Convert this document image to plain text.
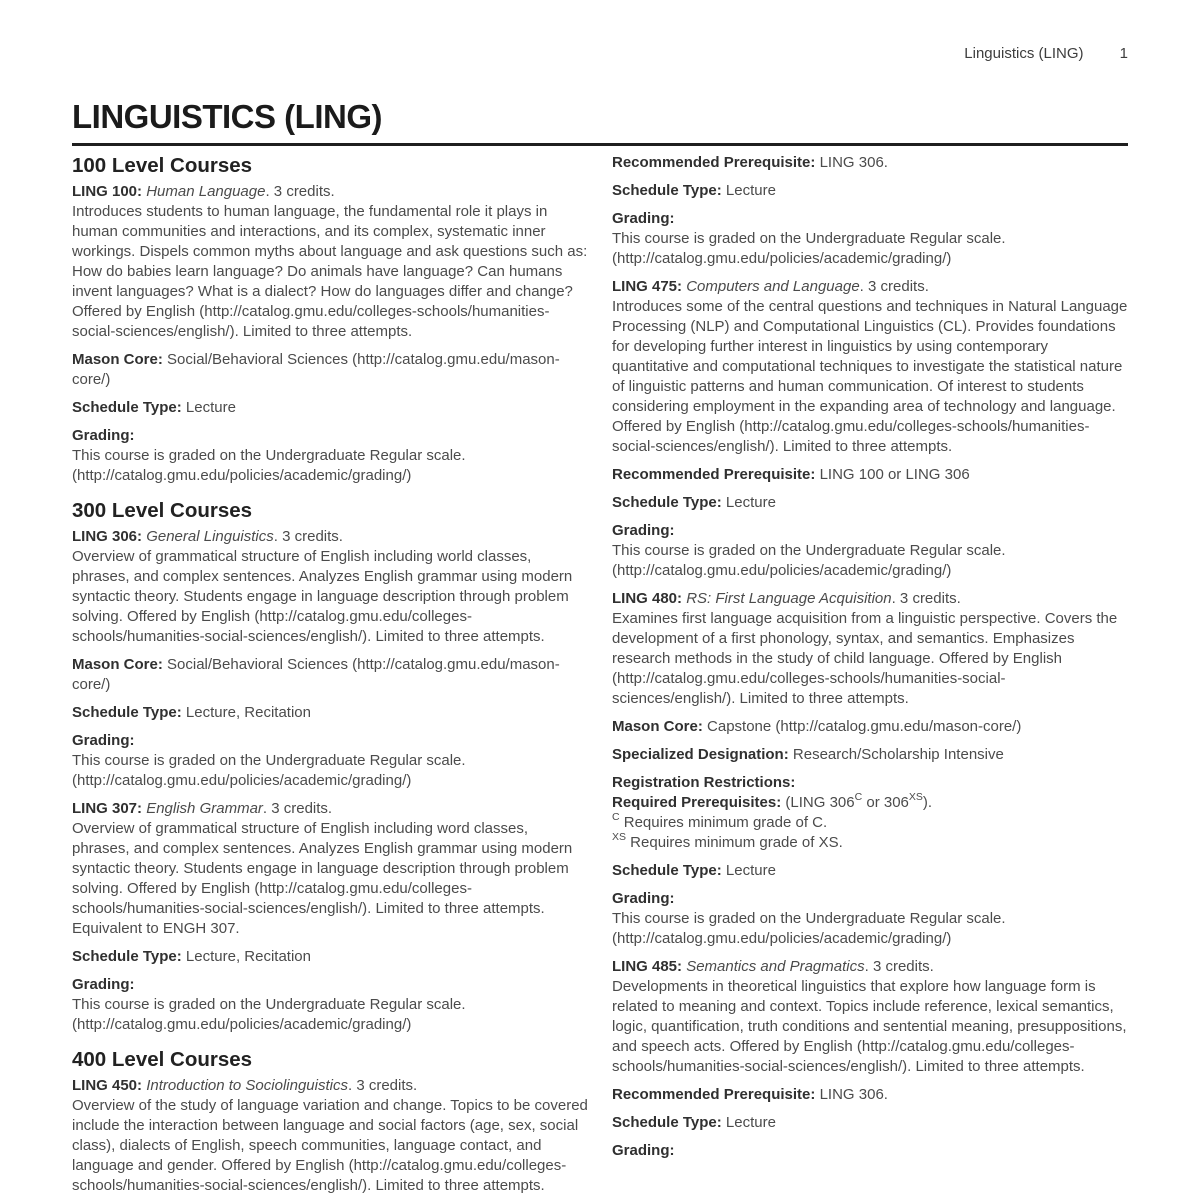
Linguistics (LING) 1
LINGUISTICS (LING)
100 Level Courses
LING 100: Human Language. 3 credits.
Introduces students to human language, the fundamental role it plays in human communities and interactions, and its complex, systematic inner workings. Dispels common myths about language and ask questions such as: How do babies learn language? Do animals have language? Can humans invent languages? What is a dialect? How do languages differ and change? Offered by English (http://catalog.gmu.edu/colleges-schools/humanities-social-sciences/english/). Limited to three attempts.

Mason Core: Social/Behavioral Sciences (http://catalog.gmu.edu/mason-core/)

Schedule Type: Lecture

Grading:
This course is graded on the Undergraduate Regular scale. (http://catalog.gmu.edu/policies/academic/grading/)
300 Level Courses
LING 306: General Linguistics. 3 credits.
Overview of grammatical structure of English including world classes, phrases, and complex sentences. Analyzes English grammar using modern syntactic theory. Students engage in language description through problem solving. Offered by English (http://catalog.gmu.edu/colleges-schools/humanities-social-sciences/english/). Limited to three attempts.

Mason Core: Social/Behavioral Sciences (http://catalog.gmu.edu/mason-core/)

Schedule Type: Lecture, Recitation

Grading:
This course is graded on the Undergraduate Regular scale. (http://catalog.gmu.edu/policies/academic/grading/)
LING 307: English Grammar. 3 credits.
Overview of grammatical structure of English including word classes, phrases, and complex sentences. Analyzes English grammar using modern syntactic theory. Students engage in language description through problem solving. Offered by English (http://catalog.gmu.edu/colleges-schools/humanities-social-sciences/english/). Limited to three attempts. Equivalent to ENGH 307.

Schedule Type: Lecture, Recitation

Grading:
This course is graded on the Undergraduate Regular scale. (http://catalog.gmu.edu/policies/academic/grading/)
400 Level Courses
LING 450: Introduction to Sociolinguistics. 3 credits.
Overview of the study of language variation and change. Topics to be covered include the interaction between language and social factors (age, sex, social class), dialects of English, speech communities, language contact, and language and gender. Offered by English (http://catalog.gmu.edu/colleges-schools/humanities-social-sciences/english/). Limited to three attempts.

Recommended Prerequisite: LING 306.

Schedule Type: Lecture

Grading:
This course is graded on the Undergraduate Regular scale. (http://catalog.gmu.edu/policies/academic/grading/)
LING 475: Computers and Language. 3 credits.
Introduces some of the central questions and techniques in Natural Language Processing (NLP) and Computational Linguistics (CL). Provides foundations for developing further interest in linguistics by using contemporary quantitative and computational techniques to investigate the statistical nature of linguistic patterns and human communication. Of interest to students considering employment in the expanding area of technology and language. Offered by English (http://catalog.gmu.edu/colleges-schools/humanities-social-sciences/english/). Limited to three attempts.

Recommended Prerequisite: LING 100 or LING 306

Schedule Type: Lecture

Grading:
This course is graded on the Undergraduate Regular scale. (http://catalog.gmu.edu/policies/academic/grading/)
LING 480: RS: First Language Acquisition. 3 credits.
Examines first language acquisition from a linguistic perspective. Covers the development of a first phonology, syntax, and semantics. Emphasizes research methods in the study of child language. Offered by English (http://catalog.gmu.edu/colleges-schools/humanities-social-sciences/english/). Limited to three attempts.

Mason Core: Capstone (http://catalog.gmu.edu/mason-core/)

Specialized Designation: Research/Scholarship Intensive

Registration Restrictions:
Required Prerequisites: (LING $306^C$ or $306^{XS}$).
$^C$ Requires minimum grade of C.
$^{XS}$ Requires minimum grade of XS.

Schedule Type: Lecture

Grading:
This course is graded on the Undergraduate Regular scale. (http://catalog.gmu.edu/policies/academic/grading/)
LING 485: Semantics and Pragmatics. 3 credits.
Developments in theoretical linguistics that explore how language form is related to meaning and context. Topics include reference, lexical semantics, logic, quantification, truth conditions and sentential meaning, presuppositions, and speech acts. Offered by English (http://catalog.gmu.edu/colleges-schools/humanities-social-sciences/english/). Limited to three attempts.

Recommended Prerequisite: LING 306.

Schedule Type: Lecture

Grading:
